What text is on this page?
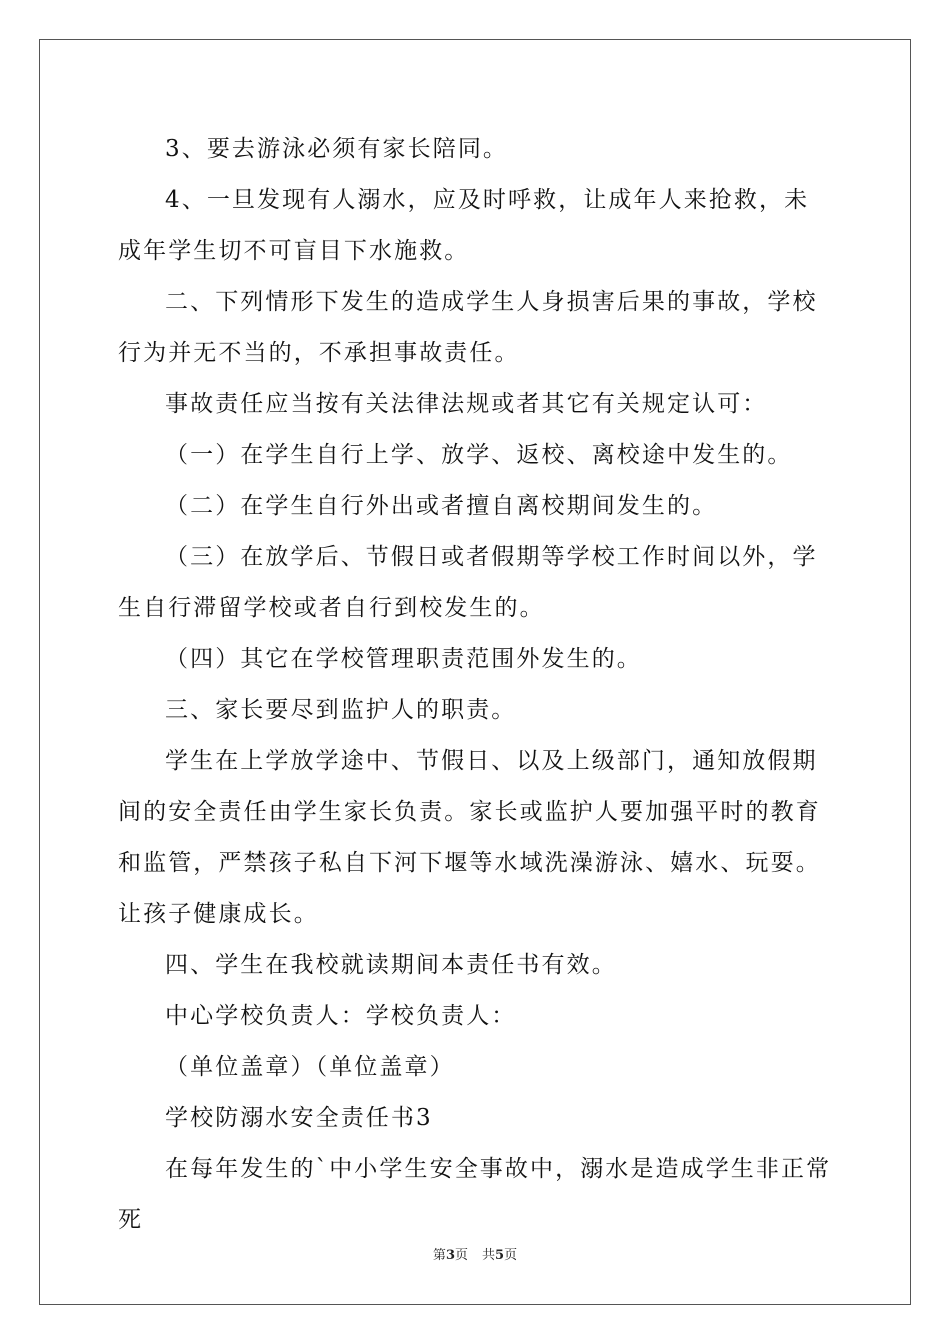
3、要去游泳必须有家长陪同。

4、一旦发现有人溺水，应及时呼救，让成年人来抢救，未成年学生切不可盲目下水施救。

二、下列情形下发生的造成学生人身损害后果的事故，学校行为并无不当的，不承担事故责任。

事故责任应当按有关法律法规或者其它有关规定认可：

（一）在学生自行上学、放学、返校、离校途中发生的。

（二）在学生自行外出或者擅自离校期间发生的。

（三）在放学后、节假日或者假期等学校工作时间以外，学生自行滞留学校或者自行到校发生的。

（四）其它在学校管理职责范围外发生的。

三、家长要尽到监护人的职责。

学生在上学放学途中、节假日、以及上级部门，通知放假期间的安全责任由学生家长负责。家长或监护人要加强平时的教育和监管，严禁孩子私自下河下堰等水域洗澡游泳、嬉水、玩耍。让孩子健康成长。

四、学生在我校就读期间本责任书有效。

中心学校负责人：学校负责人：

（单位盖章）（单位盖章）

学校防溺水安全责任书3

在每年发生的`中小学生安全事故中，溺水是造成学生非正常死

第3页 共5页
